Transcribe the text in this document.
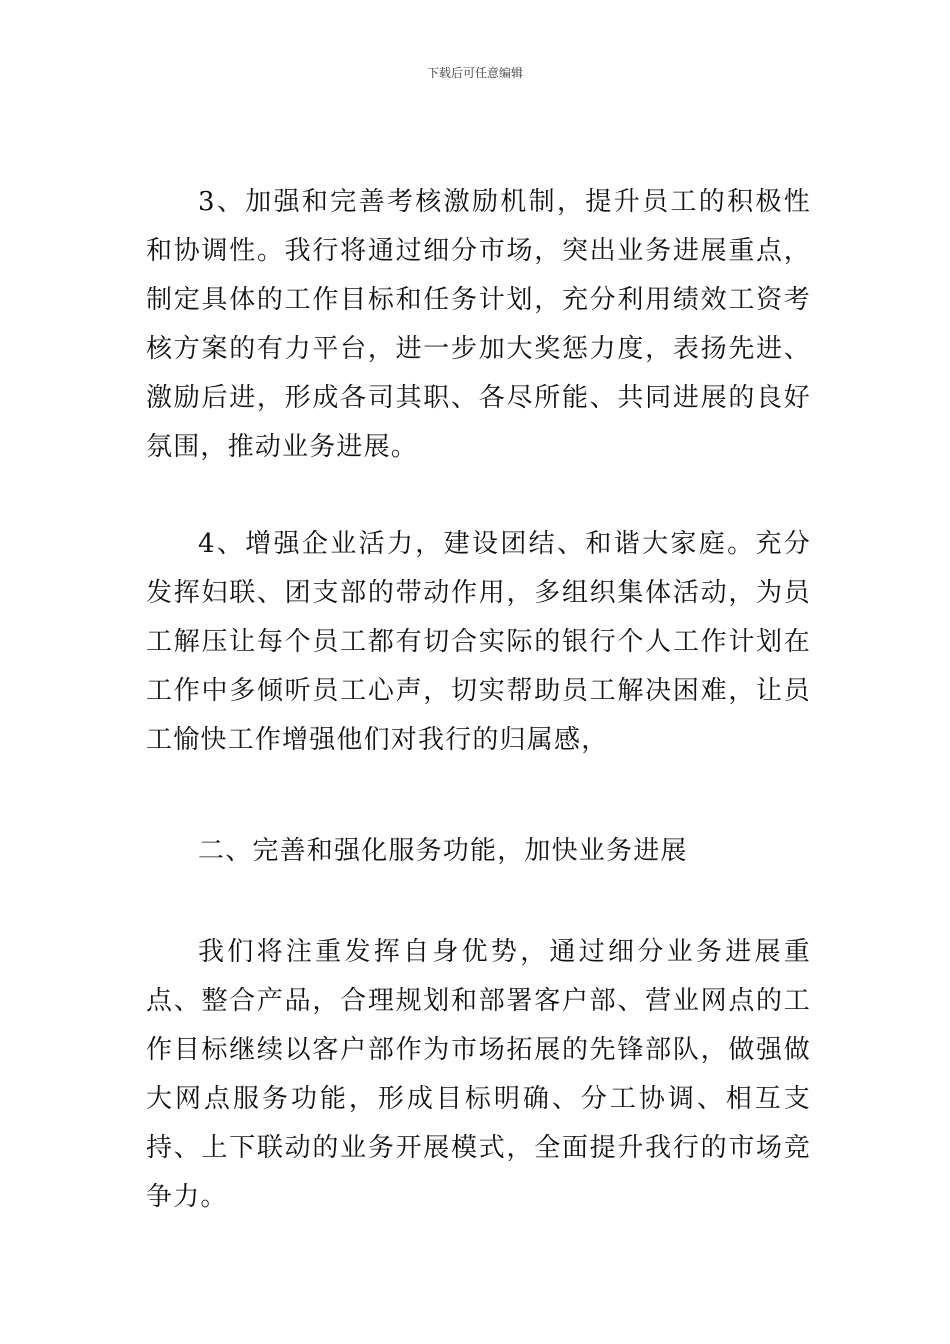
下载后可任意编辑

3、加强和完善考核激励机制，提升员工的积极性和协调性。我行将通过细分市场，突出业务进展重点，制定具体的工作目标和任务计划，充分利用绩效工资考核方案的有力平台，进一步加大奖惩力度，表扬先进、激励后进，形成各司其职、各尽所能、共同进展的良好氛围，推动业务进展。

4、增强企业活力，建设团结、和谐大家庭。充分发挥妇联、团支部的带动作用，多组织集体活动，为员工解压让每个员工都有切合实际的银行个人工作计划在工作中多倾听员工心声，切实帮助员工解决困难，让员工愉快工作增强他们对我行的归属感，

二、完善和强化服务功能，加快业务进展

我们将注重发挥自身优势，通过细分业务进展重点、整合产品，合理规划和部署客户部、营业网点的工作目标继续以客户部作为市场拓展的先锋部队，做强做大网点服务功能，形成目标明确、分工协调、相互支持、上下联动的业务开展模式，全面提升我行的市场竞争力。
